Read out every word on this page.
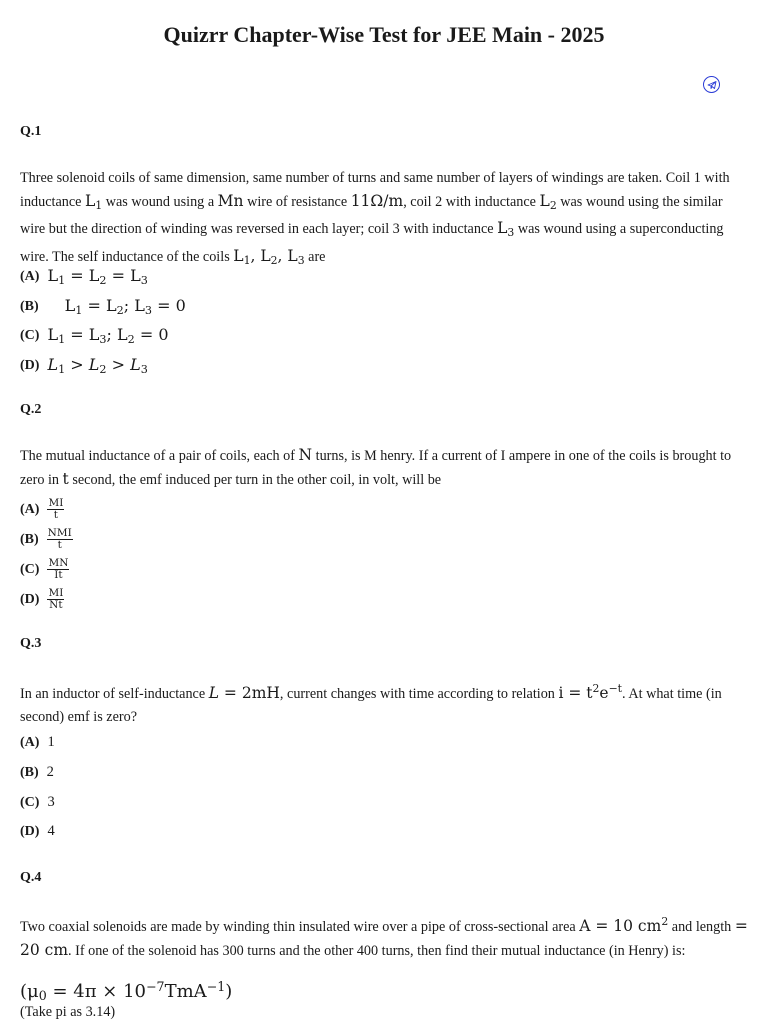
Quizrr Chapter-Wise Test for JEE Main - 2025
Q.1
Three solenoid coils of same dimension, same number of turns and same number of layers of windings are taken. Coil 1 with inductance $L_1$ was wound using a Mn wire of resistance 11Ω/m, coil 2 with inductance $L_2$ was wound using the similar wire but the direction of winding was reversed in each layer; coil 3 with inductance $L_3$ was wound using a superconducting wire. The self inductance of the coils $L_1$, $L_2$, $L_3$ are
(A) $L_1 = L_2 = L_3$
(B) $L_1 = L_2$; $L_3 = 0$
(C) $L_1 = L_3$; $L_2 = 0$
(D) $L_1 > L_2 > L_3$
Q.2
The mutual inductance of a pair of coils, each of N turns, is M henry. If a current of I ampere in one of the coils is brought to zero in t second, the emf induced per turn in the other coil, in volt, will be
$(A) \frac{MI}{t}$
$(B) \frac{\text{NMI}}{t}$
$(C) \frac{MN}{It}$
$(D) \frac{MI}{Nt}$
Q.3
In an inductor of self-inductance L = 2mH, current changes with time according to relation $i = t^2e^{-t}$. At what time (in second) emf is zero?
(A) 1
(B) 2
(C) 3
(D) 4
Q.4
Two coaxial solenoids are made by winding thin insulated wire over a pipe of cross-sectional area A = 10 $cm^2$ and length = 20 cm. If one of the solenoid has 300 turns and the other 400 turns, then find their mutual inductance (in Henry) is:
$(\mu_0 = 4\pi \times 10^{-7}TmA^{-1})$
(Take pi as 3.14)
